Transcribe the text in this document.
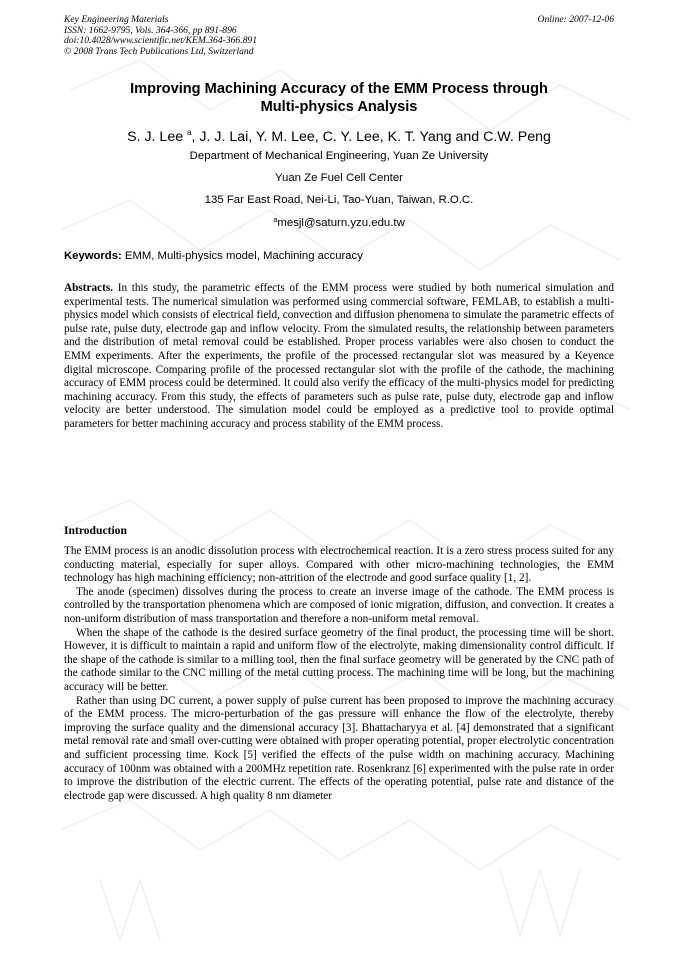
Key Engineering Materials
ISSN: 1662-9795, Vols. 364-366, pp 891-896
doi:10.4028/www.scientific.net/KEM.364-366.891
© 2008 Trans Tech Publications Ltd, Switzerland
Online: 2007-12-06
Improving Machining Accuracy of the EMM Process through
Multi-physics Analysis
S. J. Lee $^a$, J. J. Lai, Y. M. Lee, C. Y. Lee, K. T. Yang and C.W. Peng
Department of Mechanical Engineering, Yuan Ze University
Yuan Ze Fuel Cell Center
135 Far East Road, Nei-Li, Tao-Yuan, Taiwan, R.O.C.
$^a$mesjl@saturn.yzu.edu.tw
Keywords: EMM, Multi-physics model, Machining accuracy
Abstracts. In this study, the parametric effects of the EMM process were studied by both numerical simulation and experimental tests. The numerical simulation was performed using commercial software, FEMLAB, to establish a multi-physics model which consists of electrical field, convection and diffusion phenomena to simulate the parametric effects of pulse rate, pulse duty, electrode gap and inflow velocity. From the simulated results, the relationship between parameters and the distribution of metal removal could be established. Proper process variables were also chosen to conduct the EMM experiments. After the experiments, the profile of the processed rectangular slot was measured by a Keyence digital microscope. Comparing profile of the processed rectangular slot with the profile of the cathode, the machining accuracy of EMM process could be determined. It could also verify the efficacy of the multi-physics model for predicting machining accuracy. From this study, the effects of parameters such as pulse rate, pulse duty, electrode gap and inflow velocity are better understood. The simulation model could be employed as a predictive tool to provide optimal parameters for better machining accuracy and process stability of the EMM process.
Introduction

The EMM process is an anodic dissolution process with electrochemical reaction. It is a zero stress process suited for any conducting material, especially for super alloys. Compared with other micro-machining technologies, the EMM technology has high machining efficiency; non-attrition of the electrode and good surface quality [1, 2].

The anode (specimen) dissolves during the process to create an inverse image of the cathode. The EMM process is controlled by the transportation phenomena which are composed of ionic migration, diffusion, and convection. It creates a non-uniform distribution of mass transportation and therefore a non-uniform metal removal.

When the shape of the cathode is the desired surface geometry of the final product, the processing time will be short. However, it is difficult to maintain a rapid and uniform flow of the electrolyte, making dimensionality control difficult. If the shape of the cathode is similar to a milling tool, then the final surface geometry will be generated by the CNC path of the cathode similar to the CNC milling of the metal cutting process. The machining time will be long, but the machining accuracy will be better.

Rather than using DC current, a power supply of pulse current has been proposed to improve the machining accuracy of the EMM process. The micro-perturbation of the gas pressure will enhance the flow of the electrolyte, thereby improving the surface quality and the dimensional accuracy [3]. Bhattacharyya et al. [4] demonstrated that a significant metal removal rate and small over-cutting were obtained with proper operating potential, proper electrolytic concentration and sufficient processing time. Kock [5] verified the effects of the pulse width on machining accuracy. Machining accuracy of 100nm was obtained with a 200MHz repetition rate. Rosenkranz [6] experimented with the pulse rate in order to improve the distribution of the electric current. The effects of the operating potential, pulse rate and distance of the electrode gap were discussed. A high quality 8 nm diameter
